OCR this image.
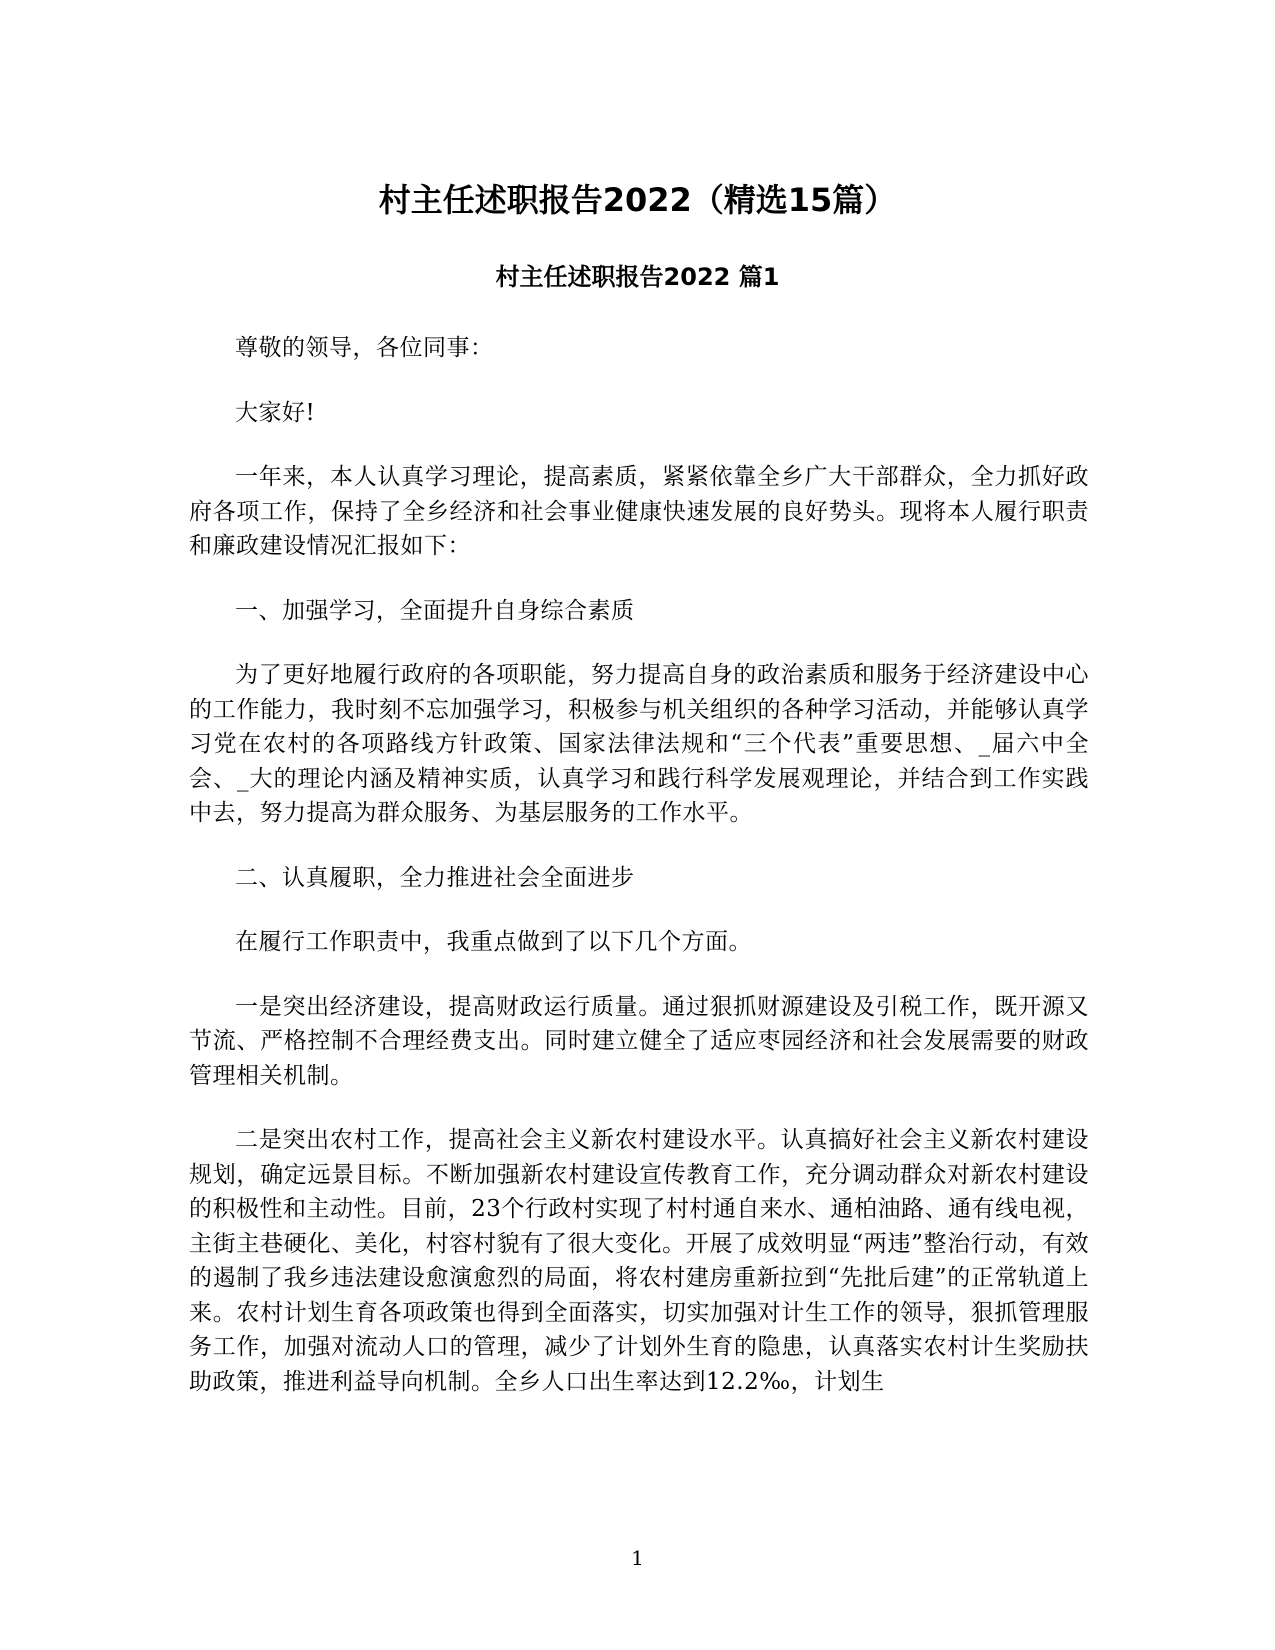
村主任述职报告2022（精选15篇）
村主任述职报告2022 篇1

尊敬的领导，各位同事：

大家好!

一年来，本人认真学习理论，提高素质，紧紧依靠全乡广大干部群众，全力抓好政府各项工作，保持了全乡经济和社会事业健康快速发展的良好势头。现将本人履行职责和廉政建设情况汇报如下：

一、加强学习，全面提升自身综合素质

为了更好地履行政府的各项职能，努力提高自身的政治素质和服务于经济建设中心的工作能力，我时刻不忘加强学习，积极参与机关组织的各种学习活动，并能够认真学习党在农村的各项路线方针政策、国家法律法规和“三个代表”重要思想、_届六中全会、_大的理论内涵及精神实质，认真学习和践行科学发展观理论，并结合到工作实践中去，努力提高为群众服务、为基层服务的工作水平。

二、认真履职，全力推进社会全面进步

在履行工作职责中，我重点做到了以下几个方面。

一是突出经济建设，提高财政运行质量。通过狠抓财源建设及引税工作，既开源又节流、严格控制不合理经费支出。同时建立健全了适应枣园经济和社会发展需要的财政管理相关机制。

二是突出农村工作，提高社会主义新农村建设水平。认真搞好社会主义新农村建设规划，确定远景目标。不断加强新农村建设宣传教育工作，充分调动群众对新农村建设的积极性和主动性。目前，23个行政村实现了村村通自来水、通柏油路、通有线电视，主街主巷硬化、美化，村容村貌有了很大变化。开展了成效明显“两违”整治行动，有效的遏制了我乡违法建设愈演愈烈的局面，将农村建房重新拉到“先批后建”的正常轨道上来。农村计划生育各项政策也得到全面落实，切实加强对计生工作的领导，狠抓管理服务工作，加强对流动人口的管理，减少了计划外生育的隐患，认真落实农村计生奖励扶助政策，推进利益导向机制。全乡人口出生率达到12.2‰，计划生

1
